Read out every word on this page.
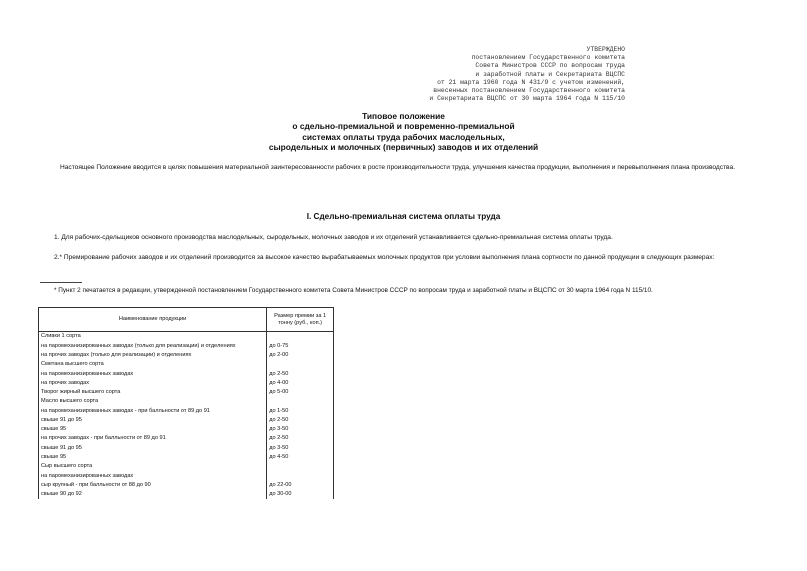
УТВЕРЖДЕНО
постановлением Государственного комитета
Совета Министров СССР по вопросам труда
и заработной платы и Секретариата ВЦСПС
от 21 марта 1960 года N 431/9 с учетом изменений,
внесенных постановлением Государственного комитета
и Секретариата ВЦСПС от 30 марта 1964 года N 115/10
Типовое положение
о сдельно-премиальной и повременно-премиальной
системах оплаты труда рабочих маслодельных,
сыродельных и молочных (первичных) заводов и их отделений
Настоящее Положение вводится в целях повышения материальной заинтересованности рабочих в росте производительности труда, улучшения качества продукции, выполнения и перевыполнения плана производства.
I. Сдельно-премиальная система оплаты труда
1. Для рабочих-сдельщиков основного производства маслодельных, сыродельных, молочных заводов и их отделений устанавливается сдельно-премиальная система оплаты труда.
2.* Премирование рабочих заводов и их отделений производится за высокое качество вырабатываемых молочных продуктов при условии выполнения плана сортности по данной продукции в следующих размерах:
* Пункт 2 печатается в редакции, утвержденной постановлением Государственного комитета Совета Министров СССР по вопросам труда и заработной платы и ВЦСПС от 30 марта 1964 года N 115/10.
Наименование продукции	Размер премии за 1 тонну (руб., коп.)
Сливки 1 сорта	
на паромеханизированных заводах (только для реализации) и отделениях	до 0-75
на прочих заводах (только для реализации) и отделениях	до 2-00
Сметана высшего сорта	
на паромеханизированных заводах	до 2-50
на прочих заводах	до 4-00
Творог жирный высшего сорта	до 5-00
Масло высшего сорта	
на паромеханизированных заводах - при балльности от 89 до 91	до 1-50
свыше 91 до 95	до 2-50
свыше 95	до 3-50
на прочих заводах - при балльности от 89 до 91	до 2-50
свыше 91 до 95	до 3-50
свыше 95	до 4-50
Сыр высшего сорта	
на паромеханизированных заводах	
сыр крупный - при балльности от 88 до 90	до 22-00
свыше 90 до 92	до 30-00
